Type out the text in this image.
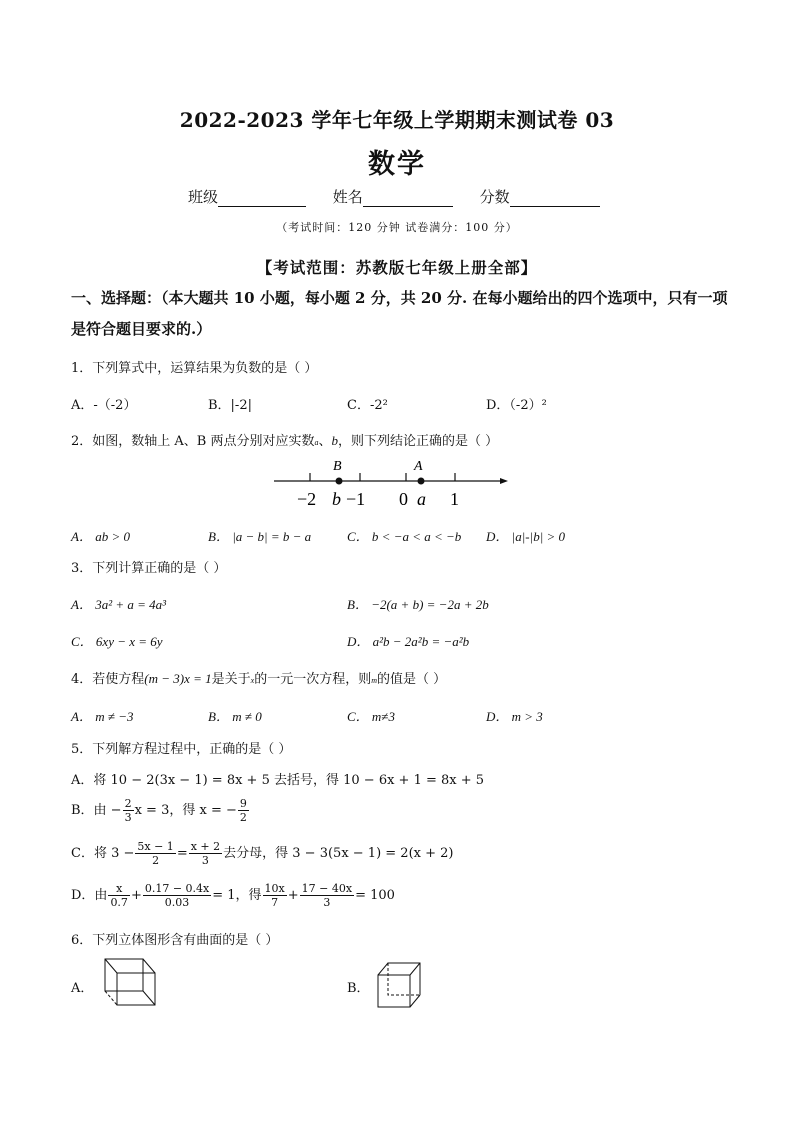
2022-2023 学年七年级上学期期末测试卷 03
数学
班级	姓名	分数
（考试时间：120 分钟 试卷满分：100 分）
【考试范围：苏教版七年级上册全部】
一、选择题：（本大题共 10 小题，每小题 2 分，共 20 分. 在每小题给出的四个选项中，只有一项是符合题目要求的.）
1．下列算式中，运算结果为负数的是（ ）
A．-（-2）	B．|-2|	C．-2²	D．（-2）²
2．如图，数轴上 A、B 两点分别对应实数a、b，则下列结论正确的是（ ）
B	A
−2 b −1 0 a 1
A． ab > 0	B． |a − b| = b − a	C． b < −a < a < −b D． |a|-|b| > 0
3．下列计算正确的是（ ）
A． 3a² + a = 4a³	B． −2(a + b) = −2a + 2b
C． 6xy − x = 6y	D． a²b − 2a²b = −a²b
4．若使方程(m − 3)x = 1是关于x的一元一次方程，则m的值是（ ）
A． m ≠ −3	B． m ≠ 0	C． m≠3	D． m > 3
5．下列解方程过程中，正确的是（ ）
A．将 10 − 2(3x − 1) = 8x + 5 去括号，得 10 − 6x + 1 = 8x + 5
B．由 − $\frac{2}{3}$ x = 3，得 x = − $\frac{9}{2}$
C．将 $3 - \frac{5x - 1}{2} = \frac{x + 2}{3}$ 去分母，得 3 − 3(5x − 1) = 2(x + 2)
D．由 $\frac{x}{0.7} + \frac{0.17 - 0.4x}{0.03} = 1$，得 $\frac{10x}{7} + \frac{17 - 40x}{3} = 100$
6．下列立体图形含有曲面的是（ ）
A．	B．
